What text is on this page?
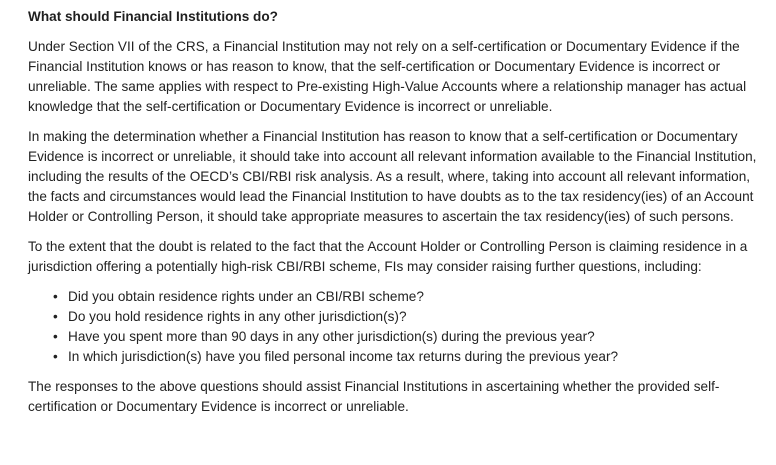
What should Financial Institutions do?

Under Section VII of the CRS, a Financial Institution may not rely on a self-certification or Documentary Evidence if the Financial Institution knows or has reason to know, that the self-certification or Documentary Evidence is incorrect or unreliable. The same applies with respect to Pre-existing High-Value Accounts where a relationship manager has actual knowledge that the self-certification or Documentary Evidence is incorrect or unreliable.

In making the determination whether a Financial Institution has reason to know that a self-certification or Documentary Evidence is incorrect or unreliable, it should take into account all relevant information available to the Financial Institution, including the results of the OECD’s CBI/RBI risk analysis. As a result, where, taking into account all relevant information, the facts and circumstances would lead the Financial Institution to have doubts as to the tax residency(ies) of an Account Holder or Controlling Person, it should take appropriate measures to ascertain the tax residency(ies) of such persons.

To the extent that the doubt is related to the fact that the Account Holder or Controlling Person is claiming residence in a jurisdiction offering a potentially high-risk CBI/RBI scheme, FIs may consider raising further questions, including:

• Did you obtain residence rights under an CBI/RBI scheme?
• Do you hold residence rights in any other jurisdiction(s)?
• Have you spent more than 90 days in any other jurisdiction(s) during the previous year?
• In which jurisdiction(s) have you filed personal income tax returns during the previous year?

The responses to the above questions should assist Financial Institutions in ascertaining whether the provided self-certification or Documentary Evidence is incorrect or unreliable.
